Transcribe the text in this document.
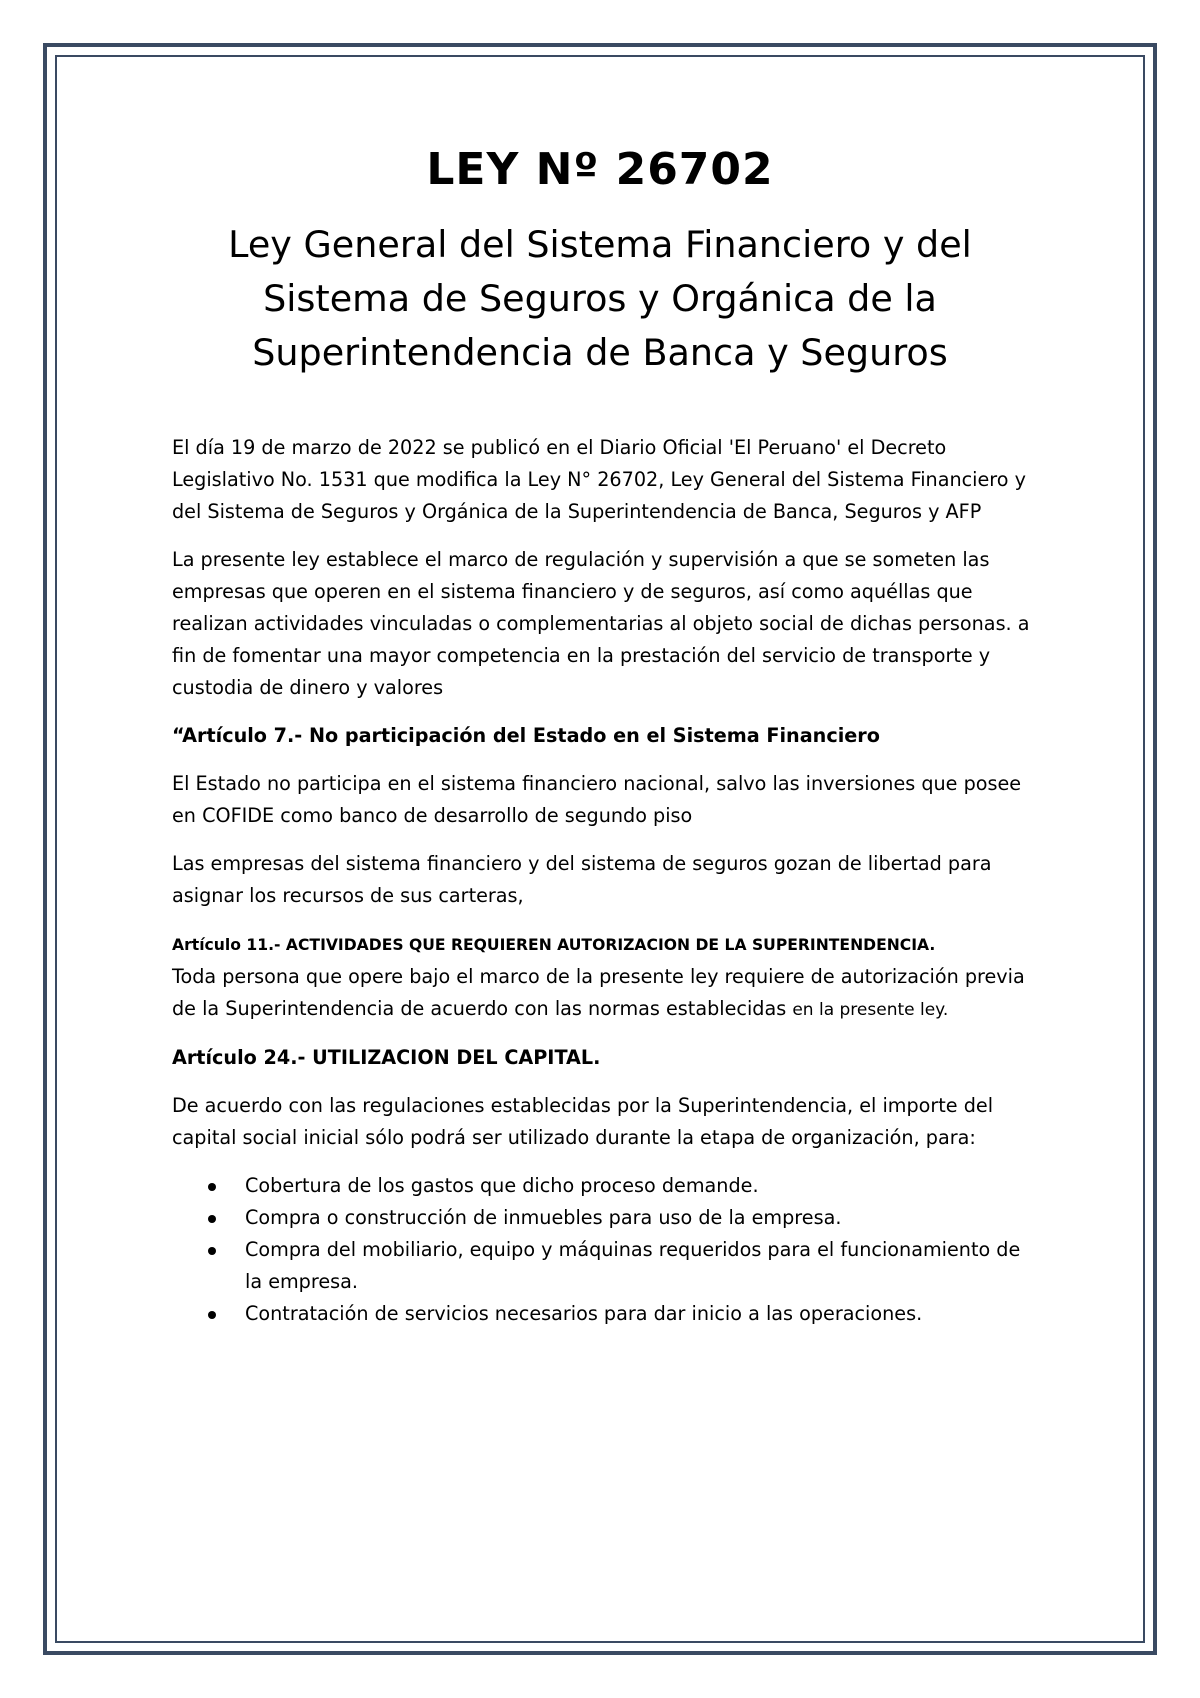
LEY Nº 26702
Ley General del Sistema Financiero y del Sistema de Seguros y Orgánica de la Superintendencia de Banca y Seguros

El día 19 de marzo de 2022 se publicó en el Diario Oficial 'El Peruano' el Decreto Legislativo No. 1531 que modifica la Ley N° 26702, Ley General del Sistema Financiero y del Sistema de Seguros y Orgánica de la Superintendencia de Banca, Seguros y AFP

La presente ley establece el marco de regulación y supervisión a que se someten las empresas que operen en el sistema financiero y de seguros, así como aquéllas que realizan actividades vinculadas o complementarias al objeto social de dichas personas. a fin de fomentar una mayor competencia en la prestación del servicio de transporte y custodia de dinero y valores

“Artículo 7.- No participación del Estado en el Sistema Financiero

El Estado no participa en el sistema financiero nacional, salvo las inversiones que posee en COFIDE como banco de desarrollo de segundo piso

Las empresas del sistema financiero y del sistema de seguros gozan de libertad para asignar los recursos de sus carteras,

Artículo 11.- ACTIVIDADES QUE REQUIEREN AUTORIZACION DE LA SUPERINTENDENCIA.
Toda persona que opere bajo el marco de la presente ley requiere de autorización previa de la Superintendencia de acuerdo con las normas establecidas en la presente ley.

Artículo 24.- UTILIZACION DEL CAPITAL.

De acuerdo con las regulaciones establecidas por la Superintendencia, el importe del capital social inicial sólo podrá ser utilizado durante la etapa de organización, para:

Cobertura de los gastos que dicho proceso demande.
Compra o construcción de inmuebles para uso de la empresa.
Compra del mobiliario, equipo y máquinas requeridos para el funcionamiento de la empresa.
Contratación de servicios necesarios para dar inicio a las operaciones.
